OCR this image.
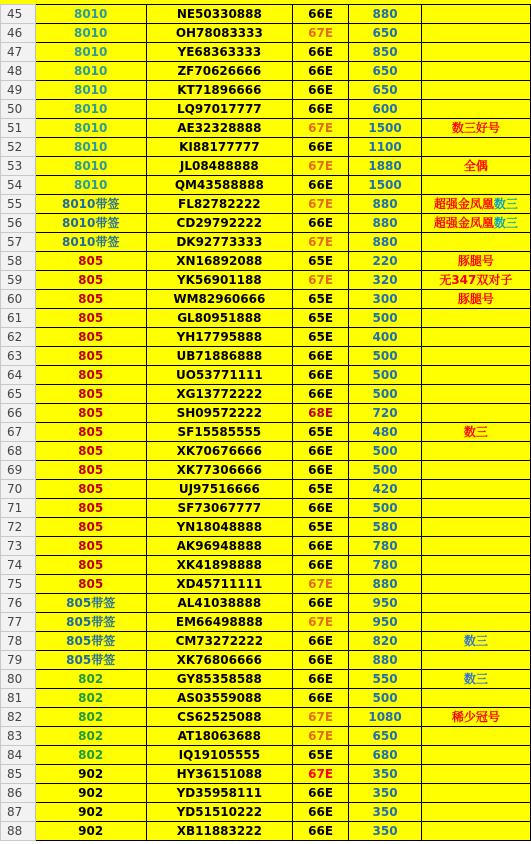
45	8010	NE50330888	66E	880	
46	8010	OH78083333	67E	650	
47	8010	YE68363333	66E	850	
48	8010	ZF70626666	66E	650	
49	8010	KT71896666	66E	650	
50	8010	LQ97017777	66E	600	
51	8010	AE32328888	67E	1500	数三好号
52	8010	KI88177777	66E	1100	
53	8010	JL08488888	67E	1880	全偶
54	8010	QM43588888	66E	1500	
55	8010带签	FL82782222	67E	880	超强金凤凰数三
56	8010带签	CD29792222	66E	880	超强金凤凰数三
57	8010带签	DK92773333	67E	880	
58	805	XN16892088	65E	220	豚腿号
59	805	YK56901188	67E	320	无347双对子
60	805	WM82960666	65E	300	豚腿号
61	805	GL80951888	65E	500	
62	805	YH17795888	65E	400	
63	805	UB71886888	66E	500	
64	805	UO53771111	66E	500	
65	805	XG13772222	66E	500	
66	805	SH09572222	68E	720	
67	805	SF15585555	65E	480	数三
68	805	XK70676666	66E	500	
69	805	XK77306666	66E	500	
70	805	UJ97516666	65E	420	
71	805	SF73067777	66E	500	
72	805	YN18048888	65E	580	
73	805	AK96948888	66E	780	
74	805	XK41898888	66E	780	
75	805	XD45711111	67E	880	
76	805带签	AL41038888	66E	950	
77	805带签	EM66498888	67E	950	
78	805带签	CM73272222	66E	820	数三
79	805带签	XK76806666	66E	880	
80	802	GY85358588	66E	550	数三
81	802	AS03559088	66E	500	
82	802	CS62525088	67E	1080	稀少冠号
83	802	AT18063688	67E	650	
84	802	IQ19105555	65E	680	
85	902	HY36151088	67E	350	
86	902	YD35958111	66E	350	
87	902	YD51510222	66E	350	
88	902	XB11883222	66E	350	
